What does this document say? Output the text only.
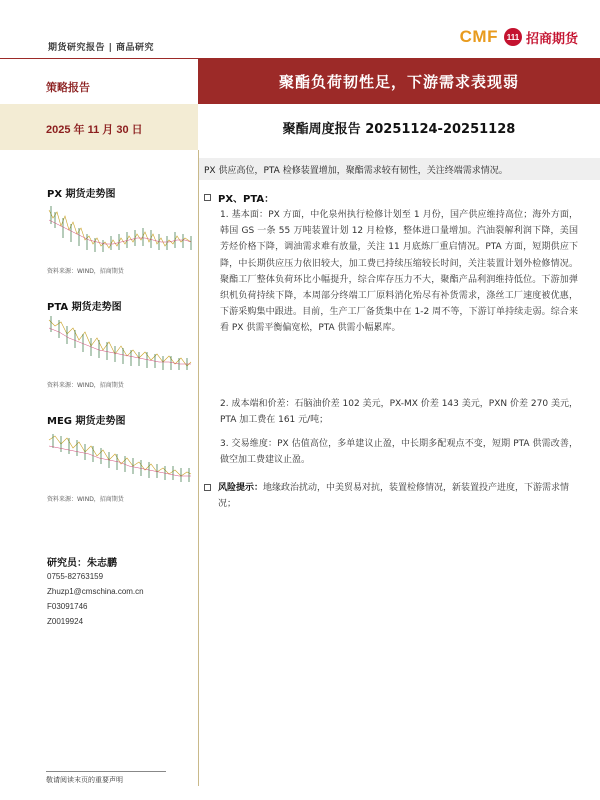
期货研究报告 | 商品研究
CMF	111 招商期货
策略报告	聚酯负荷韧性足，下游需求表现弱
2025 年 11 月 30 日	聚酯周度报告 20251124-20251128
PX 供应高位，PTA 检修装置增加，聚酯需求较有韧性，关注终端需求情况。
PX、PTA：
1. 基本面：PX 方面，中化泉州执行检修计划至 1 月份，国产供应维持高位；海外方面，韩国 GS 一条 55 万吨装置计划 12 月检修，整体进口量增加。汽油裂解利润下降，美国芳烃价格下降，调油需求难有放量，关注 11 月底炼厂重启情况。PTA 方面，短期供应下降，中长期供应压力依旧较大，加工费已持续压缩较长时间，关注装置计划外检修情况。聚酯工厂整体负荷环比小幅提升，综合库存压力不大，聚酯产品利润维持低位。下游加弹织机负荷持续下降，本周部分终端工厂原料消化殆尽有补货需求，涤丝工厂速度被优惠，下游采购集中跟进。目前，生产工厂备货集中在 1-2 周不等，下游订单持续走弱。综合来看 PX 供需平衡偏宽松，PTA 供需小幅累库。
2. 成本端和价差：石脑油价差 102 美元，PX-MX 价差 143 美元，PXN 价差 270 美元，PTA 加工费在 161 元/吨；
3. 交易维度：PX 估值高位，多单建议止盈，中长期多配观点不变，短期 PTA 供需改善，做空加工费建议止盈。
风险提示：地缘政治扰动，中美贸易对抗，装置检修情况，新装置投产进度，下游需求情况；
PX 期货走势图
资料来源：WIND，招商期货
PTA 期货走势图
资料来源：WIND，招商期货
MEG 期货走势图
资料来源：WIND，招商期货
研究员：朱志鹏
0755-82763159
Zhuzp1@cmschina.com.cn
F03091746
Z0019924
敬请阅读末页的重要声明
